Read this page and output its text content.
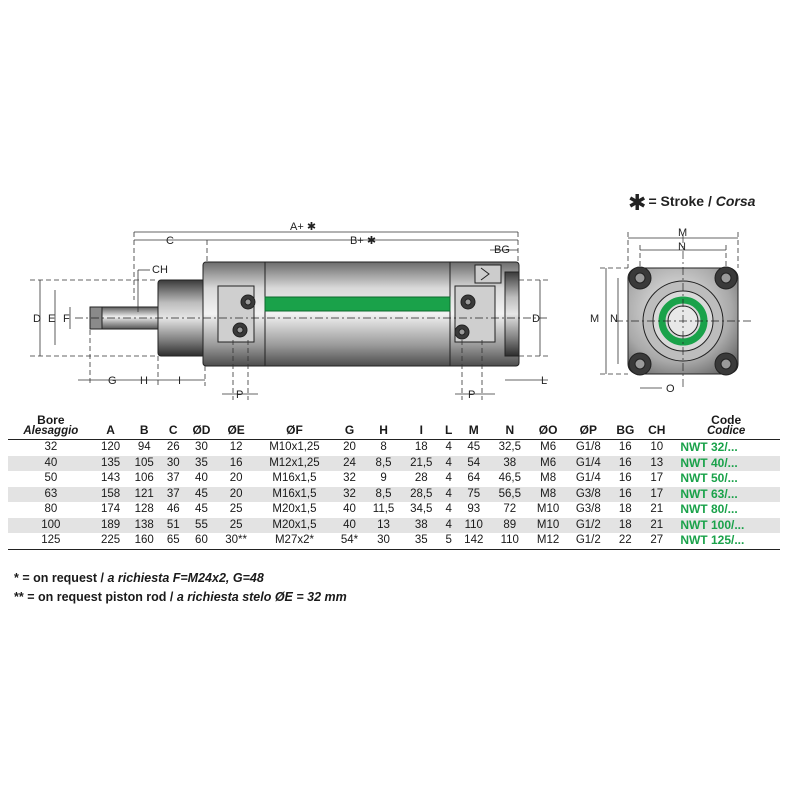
A+ ✱
B+ ✱
C
CH
BG
D E F
G H	I
P	P
L
D
M
N
M N
O
✱ = Stroke / Corsa
Bore
Alesaggio	A	B	C	ØD	ØE	ØF	G	H	I	L	M	N	ØO	ØP	BG	CH	Code
Codice

32	120	94	26	30	12	M10x1,25	20	8	18	4	45	32,5	M6	G1/8	16	10	NWT 32/...
40	135	105	30	35	16	M12x1,25	24	8,5	21,5	4	54	38	M6	G1/4	16	13	NWT 40/...
50	143	106	37	40	20	M16x1,5	32	9	28	4	64	46,5	M8	G1/4	16	17	NWT 50/...
63	158	121	37	45	20	M16x1,5	32	8,5	28,5	4	75	56,5	M8	G3/8	16	17	NWT 63/...
80	174	128	46	45	25	M20x1,5	40	11,5	34,5	4	93	72	M10	G3/8	18	21	NWT 80/...
100	189	138	51	55	25	M20x1,5	40	13	38	4	110	89	M10	G1/2	18	21	NWT 100/...
125	225	160	65	60	30**	M27x2*	54*	30	35	5	142	110	M12	G1/2	22	27	NWT 125/...
* = on request / a richiesta F=M24x2, G=48
** = on request piston rod / a richiesta stelo ØE = 32 mm
